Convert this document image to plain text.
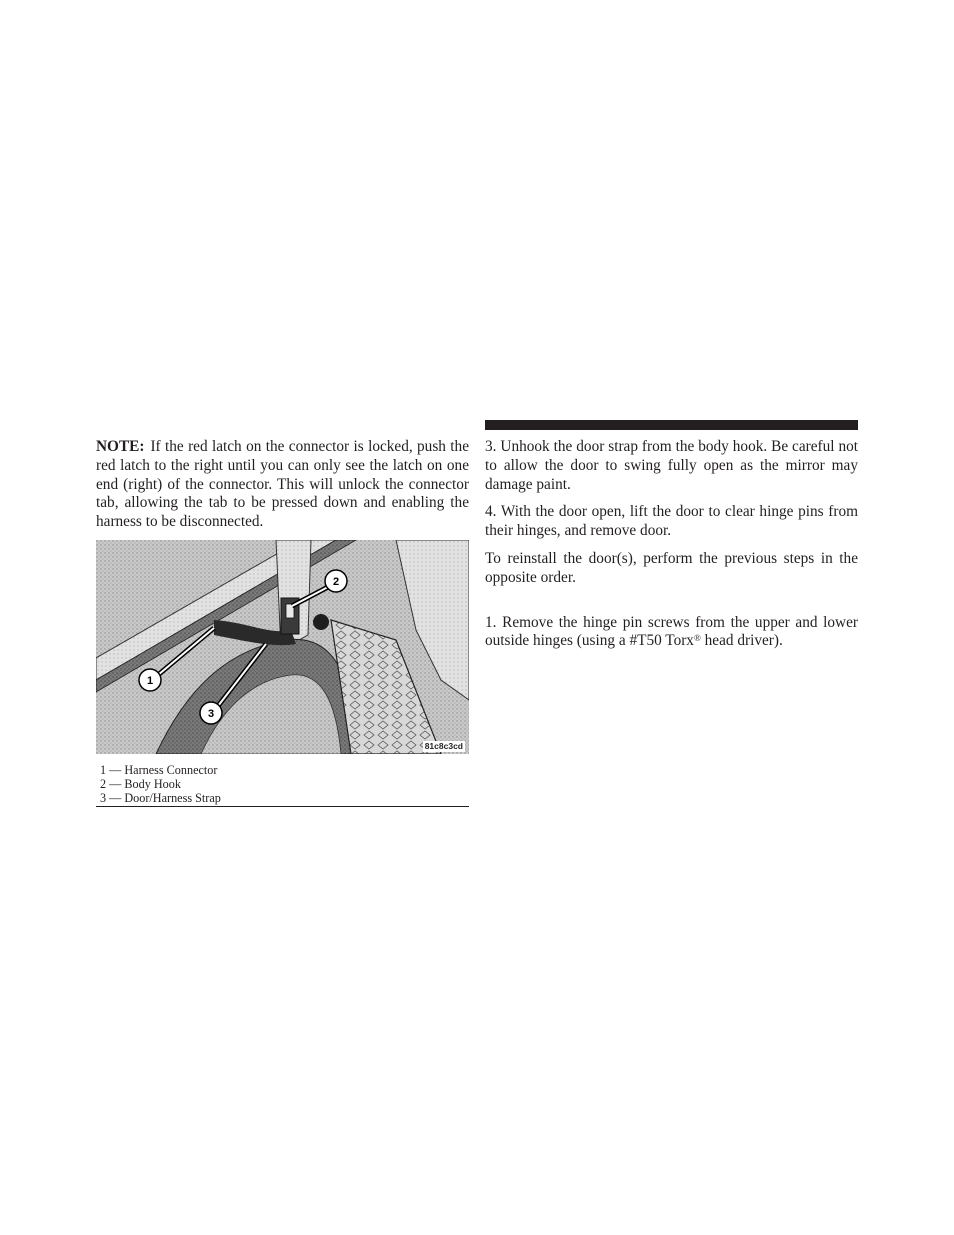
NOTE: If the red latch on the connector is locked, push the red latch to the right until you can only see the latch on one end (right) of the connector. This will unlock the connector tab, allowing the tab to be pressed down and enabling the harness to be disconnected.

1
2
3
81c8c3cd
1 — Harness Connector
2 — Body Hook
3 — Door/Harness Strap

3. Unhook the door strap from the body hook. Be careful not to allow the door to swing fully open as the mirror may damage paint.

4. With the door open, lift the door to clear hinge pins from their hinges, and remove door.

To reinstall the door(s), perform the previous steps in the opposite order.

1. Remove the hinge pin screws from the upper and lower outside hinges (using a #T50 Torx® head driver).
